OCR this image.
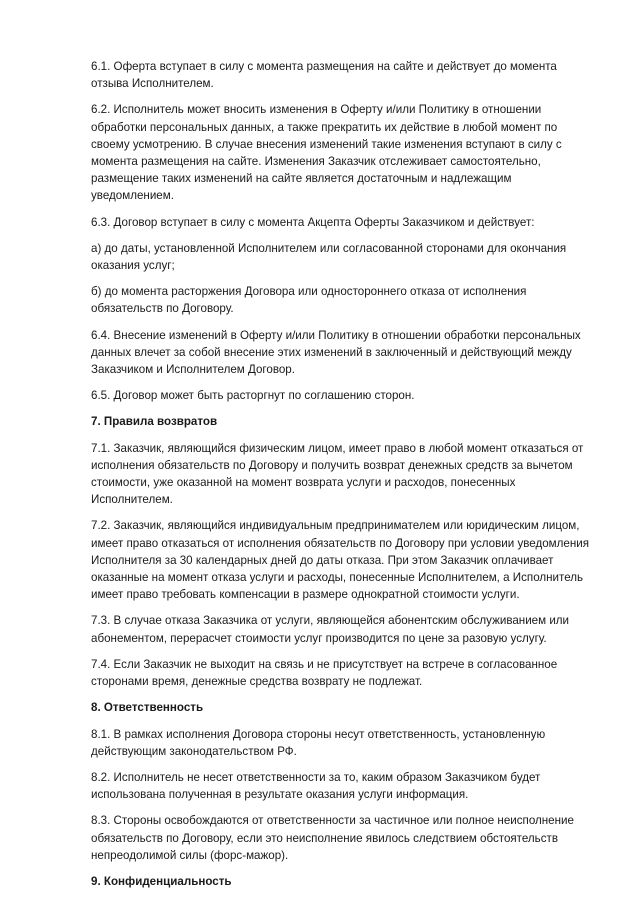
6.1. Оферта вступает в силу с момента размещения на сайте и действует до момента отзыва Исполнителем.

6.2. Исполнитель может вносить изменения в Оферту и/или Политику в отношении обработки персональных данных, а также прекратить их действие в любой момент по своему усмотрению. В случае внесения изменений такие изменения вступают в силу с момента размещения на сайте. Изменения Заказчик отслеживает самостоятельно, размещение таких изменений на сайте является достаточным и надлежащим уведомлением.

6.3. Договор вступает в силу с момента Акцепта Оферты Заказчиком и действует:

а) до даты, установленной Исполнителем или согласованной сторонами для окончания оказания услуг;

б) до момента расторжения Договора или одностороннего отказа от исполнения обязательств по Договору.

6.4. Внесение изменений в Оферту и/или Политику в отношении обработки персональных данных влечет за собой внесение этих изменений в заключенный и действующий между Заказчиком и Исполнителем Договор.

6.5. Договор может быть расторгнут по соглашению сторон.

7. Правила возвратов

7.1. Заказчик, являющийся физическим лицом, имеет право в любой момент отказаться от исполнения обязательств по Договору и получить возврат денежных средств за вычетом стоимости, уже оказанной на момент возврата услуги и расходов, понесенных Исполнителем.

7.2. Заказчик, являющийся индивидуальным предпринимателем или юридическим лицом, имеет право отказаться от исполнения обязательств по Договору при условии уведомления Исполнителя за 30 календарных дней до даты отказа. При этом Заказчик оплачивает оказанные на момент отказа услуги и расходы, понесенные Исполнителем, а Исполнитель имеет право требовать компенсации в размере однократной стоимости услуги.

7.3. В случае отказа Заказчика от услуги, являющейся абонентским обслуживанием или абонементом, перерасчет стоимости услуг производится по цене за разовую услугу.

7.4. Если Заказчик не выходит на связь и не присутствует на встрече в согласованное сторонами время, денежные средства возврату не подлежат.

8. Ответственность

8.1. В рамках исполнения Договора стороны несут ответственность, установленную действующим законодательством РФ.

8.2. Исполнитель не несет ответственности за то, каким образом Заказчиком будет использована полученная в результате оказания услуги информация.

8.3. Стороны освобождаются от ответственности за частичное или полное неисполнение обязательств по Договору, если это неисполнение явилось следствием обстоятельств непреодолимой силы (форс-мажор).

9. Конфиденциальность
